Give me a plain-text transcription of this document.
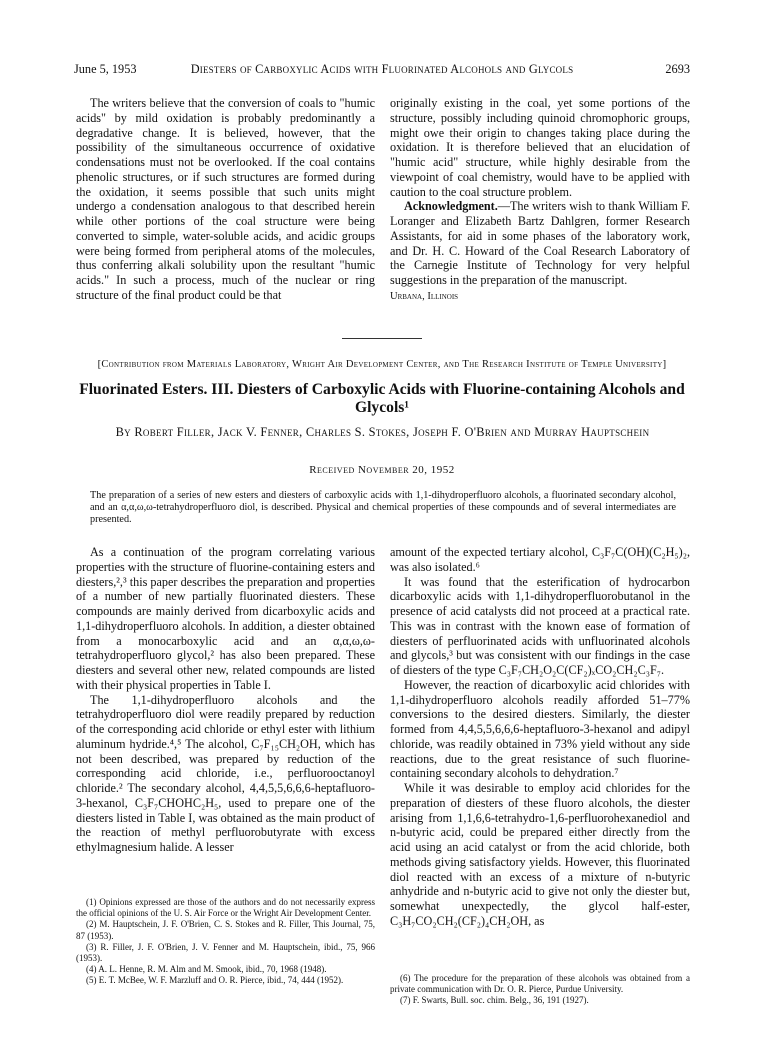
June 5, 1953	Diesters of Carboxylic Acids with Fluorinated Alcohols and Glycols	2693

The writers believe that the conversion of coals to "humic acids" by mild oxidation is probably predominantly a degradative change. It is believed, however, that the possibility of the simultaneous occurrence of oxidative condensations must not be overlooked. If the coal contains phenolic structures, or if such structures are formed during the oxidation, it seems possible that such units might undergo a condensation analogous to that described herein while other portions of the coal structure were being converted to simple, water-soluble acids, and acidic groups were being formed from peripheral atoms of the molecules, thus conferring alkali solubility upon the resultant "humic acids." In such a process, much of the nuclear or ring structure of the final product could be that

originally existing in the coal, yet some portions of the structure, possibly including quinoid chromophoric groups, might owe their origin to changes taking place during the oxidation. It is therefore believed that an elucidation of "humic acid" structure, while highly desirable from the viewpoint of coal chemistry, would have to be applied with caution to the coal structure problem.

Acknowledgment.—The writers wish to thank William F. Loranger and Elizabeth Bartz Dahlgren, former Research Assistants, for aid in some phases of the laboratory work, and Dr. H. C. Howard of the Coal Research Laboratory of the Carnegie Institute of Technology for very helpful suggestions in the preparation of the manuscript.

Urbana, Illinois
[Contribution from Materials Laboratory, Wright Air Development Center, and The Research Institute of Temple University]
Fluorinated Esters. III. Diesters of Carboxylic Acids with Fluorine-containing Alcohols and Glycols¹
By Robert Filler, Jack V. Fenner, Charles S. Stokes, Joseph F. O'Brien and Murray Hauptschein
Received November 20, 1952
The preparation of a series of new esters and diesters of carboxylic acids with 1,1-dihydroperfluoro alcohols, a fluorinated secondary alcohol, and an α,α,ω,ω-tetrahydroperfluoro diol, is described. Physical and chemical properties of these compounds and of several intermediates are presented.

As a continuation of the program correlating various properties with the structure of fluorine-containing esters and diesters,²,³ this paper describes the preparation and properties of a number of new partially fluorinated diesters. These compounds are mainly derived from dicarboxylic acids and 1,1-dihydroperfluoro alcohols. In addition, a diester obtained from a monocarboxylic acid and an α,α,ω,ω-tetrahydroperfluoro glycol,² has also been prepared. These diesters and several other new, related compounds are listed with their physical properties in Table I.

The 1,1-dihydroperfluoro alcohols and the tetrahydroperfluoro diol were readily prepared by reduction of the corresponding acid chloride or ethyl ester with lithium aluminum hydride.⁴,⁵ The alcohol, C₇F₁₅CH₂OH, which has not been described, was prepared by reduction of the corresponding acid chloride, i.e., perfluorooctanoyl chloride.² The secondary alcohol, 4,4,5,5,6,6,6-heptafluoro-3-hexanol, C₃F₇CHOHC₂H₅, used to prepare one of the diesters listed in Table I, was obtained as the main product of the reaction of methyl perfluorobutyrate with excess ethylmagnesium halide. A lesser

amount of the expected tertiary alcohol, C₃F₇C(OH)(C₂H₅)₂, was also isolated.⁶

It was found that the esterification of hydrocarbon dicarboxylic acids with 1,1-dihydroperfluorobutanol in the presence of acid catalysts did not proceed at a practical rate. This was in contrast with the known ease of formation of diesters of perfluorinated acids with unfluorinated alcohols and glycols,³ but was consistent with our findings in the case of diesters of the type C₃F₇CH₂O₂C(CF₂)ₓCO₂CH₂C₃F₇.

However, the reaction of dicarboxylic acid chlorides with 1,1-dihydroperfluoro alcohols readily afforded 51–77% conversions to the desired diesters. Similarly, the diester formed from 4,4,5,5,6,6,6-heptafluoro-3-hexanol and adipyl chloride, was readily obtained in 73% yield without any side reactions, due to the great resistance of such fluorine-containing secondary alcohols to dehydration.⁷

While it was desirable to employ acid chlorides for the preparation of diesters of these fluoro alcohols, the diester arising from 1,1,6,6-tetrahydro-1,6-perfluorohexanediol and n-butyric acid, could be prepared either directly from the acid using an acid catalyst or from the acid chloride, both methods giving satisfactory yields. However, this fluorinated diol reacted with an excess of a mixture of n-butyric anhydride and n-butyric acid to give not only the diester but, somewhat unexpectedly, the glycol half-ester, C₃H₇CO₂CH₂(CF₂)₄CH₂OH, as

(1) Opinions expressed are those of the authors and do not necessarily express the official opinions of the U. S. Air Force or the Wright Air Development Center.

(2) M. Hauptschein, J. F. O'Brien, C. S. Stokes and R. Filler, This Journal, 75, 87 (1953).

(3) R. Filler, J. F. O'Brien, J. V. Fenner and M. Hauptschein, ibid., 75, 966 (1953).

(4) A. L. Henne, R. M. Alm and M. Smook, ibid., 70, 1968 (1948).

(5) E. T. McBee, W. F. Marzluff and O. R. Pierce, ibid., 74, 444 (1952).	(6) The procedure for the preparation of these alcohols was obtained from a private communication with Dr. O. R. Pierce, Purdue University.

(7) F. Swarts, Bull. soc. chim. Belg., 36, 191 (1927).
